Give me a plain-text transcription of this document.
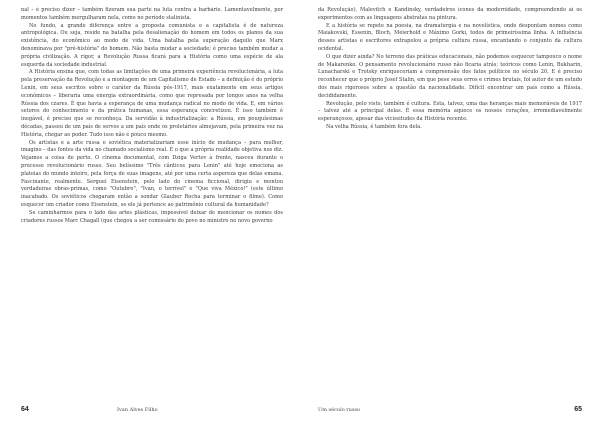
nal – é preciso dizer – também fizeram sua parte na luta contra a barbárie. Lamentavelmente, por momentos também mergulharam nela, como no período stalinista.

No fundo, a grande diferença entre a proposta comunista e a capitalista é de natureza antropológica. Ou seja, reside na batalha pela desalienação do homem em todos os planos da sua existência, do econômico ao modo de vida. Uma batalha pela superação daquilo que Marx denominava por "pré-história" do homem. Não basta mudar a sociedade; é preciso também mudar a própria civilização. A rigor, a Revolução Russa ficará para a História como uma espécie de ala esquerda da sociedade industrial.

A História ensina que, com todas as limitações de uma primeira experiência revolucionária, a luta pela preservação da Revolução e a montagem de um Capitalismo de Estado – a definição é do próprio Lenin, em seus escritos sobre o caráter da Rússia pós-1917, mais exatamente em seus artigos econômicos – liberaria uma energia extraordinária, como que represada por longos anos na velha Rússia dos czares. É que havia a esperança de uma mudança radical no modo de vida. E, em vários setores do conhecimento e da prática humanas, essa esperança concretizou. É isso também é inegável, é preciso que se reconheça. Da servidão à industrialização: a Rússia, em pouquíssimas décadas, passou de um país de servos a um país onde os proletários almejavam, pela primeira vez na História, chegar ao poder. Tudo isso não é pouco mesmo.

Os artistas e a arte russa e soviética materializariam esse início de mudança – para melhor, imagino – das fontes da vida no chamado socialismo real. É o que a própria realidade objetiva nos diz. Vejamos a coisa de perto. O cinema documental, com Dziga Vertov à frente, nasceu durante o processo revolucionário russo. Seu belíssimo "Três cânticos para Lenin" até hoje emociona as plateias do mundo inteiro, pela força de suas imagens, até por uma certa aspereza que delas emana. Fascinante, realmente. Serguei Eisenstein, pelo lado do cinema ficcional, dirigiu e montou verdadeiras obras-primas, como "Outubro", "Ivan, o terrível" e "Que viva México!" (este último inacabado. Os soviéticos chegaram então a sondar Glauber Rocha para terminar o filme). Como esquecer um criador como Eisenstein, se ele já pertence ao patrimônio cultural da humanidade?

Se caminharmos para o lado das artes plásticas, impossível deixar de mencionar os nomes dos criadores russos Marc Chagall (que chegou a ser comissário do povo no ministro no novo governo

64	Ivan Alves Filho

da Revolução), Malevitch e Kandinsky, verdadeiros ícones da modernidade, compreendendo aí os experimentos com as linguagens abstratas na pintura.

E a história se repete na poesia, na dramaturgia e na novelística, onde despontam nomes como Maiakovski, Essenin, Bloch, Meierhold e Máximo Gorki, todos de primeiríssima linha. A influência desses artistas e escritores extrapolou a própria cultura russa, encantando o conjunto da cultura ocidental.

O que dizer ainda? No terreno das práticas educacionais, não podemos esquecer tampouco o nome de Makarenko. O pensamento revolucionário russo não ficaria atrás: teóricos como Lenin, Bukharin, Lunacharski e Trotsky enriqueceriam a compreensão dos fatos políticos no século 20. E é preciso reconhecer que o próprio Josef Stalin, em que pese seus erros e crimes brutais, foi autor de um estudo dos mais rigorosos sobre a questão da nacionalidade. Difícil encontrar um país como a Rússia, decididamente.

Revolução, pelo visto, também é cultura. Esta, talvez, uma das heranças mais memoráveis de 1917 – talvez até a principal delas. É essa memória aquece os nossos corações, irremediavelmente esperançosos, apesar das vicissitudes da História recente.

Na velha Rússia, é também fora dela.

Um século russo	65
